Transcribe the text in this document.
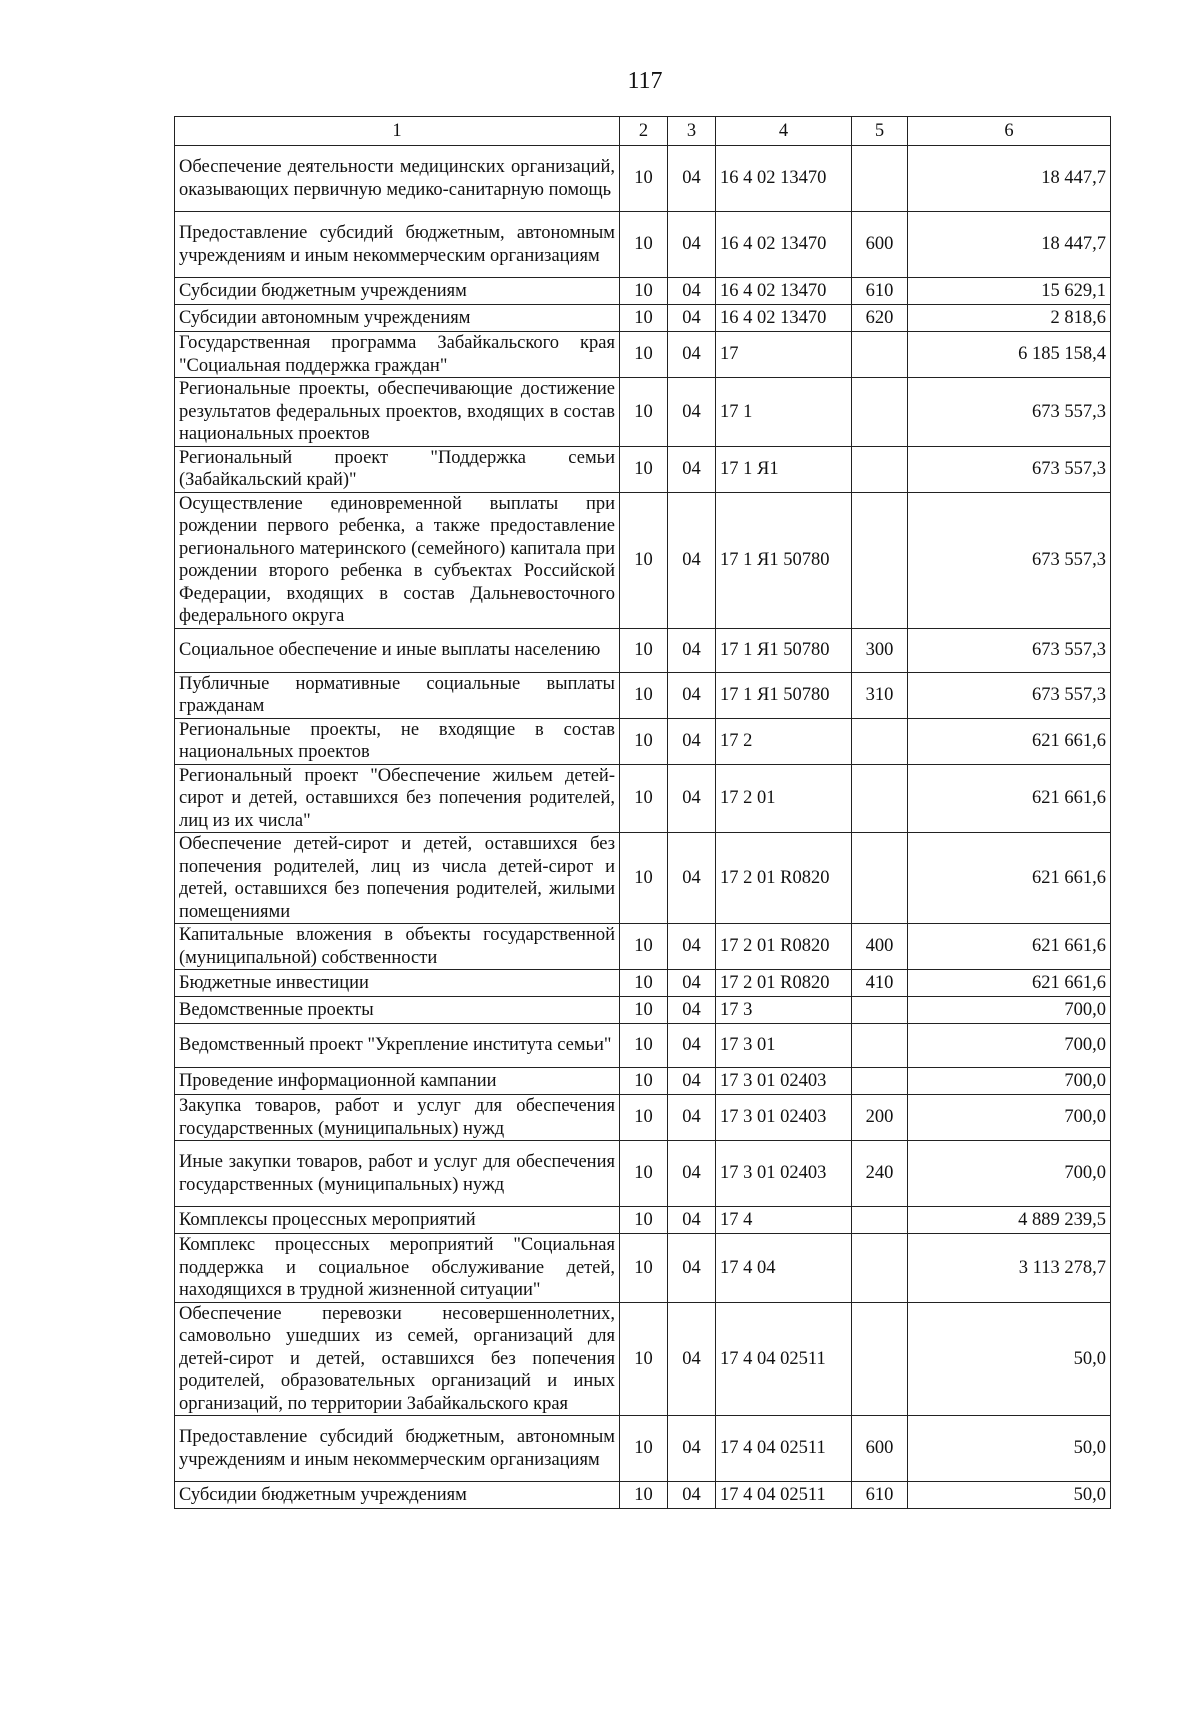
117
1	2	3	4	5	6
Обеспечение деятельности медицинских организаций, оказывающих первичную медико-санитарную помощь	10	04	16 4 02 13470		18 447,7
Предоставление субсидий бюджетным, автономным учреждениям и иным некоммерческим организациям	10	04	16 4 02 13470	600	18 447,7
Субсидии бюджетным учреждениям	10	04	16 4 02 13470	610	15 629,1
Субсидии автономным учреждениям	10	04	16 4 02 13470	620	2 818,6
Государственная программа Забайкальского края "Социальная поддержка граждан"	10	04	17		6 185 158,4
Региональные проекты, обеспечивающие достижение результатов федеральных проектов, входящих в состав национальных проектов	10	04	17 1		673 557,3
Региональный проект "Поддержка семьи (Забайкальский край)"	10	04	17 1 Я1		673 557,3
Осуществление единовременной выплаты при рождении первого ребенка, а также предоставление регионального материнского (семейного) капитала при рождении второго ребенка в субъектах Российской Федерации, входящих в состав Дальневосточного федерального округа	10	04	17 1 Я1 50780		673 557,3
Социальное обеспечение и иные выплаты населению	10	04	17 1 Я1 50780	300	673 557,3
Публичные нормативные социальные выплаты гражданам	10	04	17 1 Я1 50780	310	673 557,3
Региональные проекты, не входящие в состав национальных проектов	10	04	17 2		621 661,6
Региональный проект "Обеспечение жильем детей-сирот и детей, оставшихся без попечения родителей, лиц из их числа"	10	04	17 2 01		621 661,6
Обеспечение детей-сирот и детей, оставшихся без попечения родителей, лиц из числа детей-сирот и детей, оставшихся без попечения родителей, жилыми помещениями	10	04	17 2 01 R0820		621 661,6
Капитальные вложения в объекты государственной (муниципальной) собственности	10	04	17 2 01 R0820	400	621 661,6
Бюджетные инвестиции	10	04	17 2 01 R0820	410	621 661,6
Ведомственные проекты	10	04	17 3		700,0
Ведомственный проект "Укрепление института семьи"	10	04	17 3 01		700,0
Проведение информационной кампании	10	04	17 3 01 02403		700,0
Закупка товаров, работ и услуг для обеспечения государственных (муниципальных) нужд	10	04	17 3 01 02403	200	700,0
Иные закупки товаров, работ и услуг для обеспечения государственных (муниципальных) нужд	10	04	17 3 01 02403	240	700,0
Комплексы процессных мероприятий	10	04	17 4		4 889 239,5
Комплекс процессных мероприятий "Социальная поддержка и социальное обслуживание детей, находящихся в трудной жизненной ситуации"	10	04	17 4 04		3 113 278,7
Обеспечение перевозки несовершеннолетних, самовольно ушедших из семей, организаций для детей-сирот и детей, оставшихся без попечения родителей, образовательных организаций и иных организаций, по территории Забайкальского края	10	04	17 4 04 02511		50,0
Предоставление субсидий бюджетным, автономным учреждениям и иным некоммерческим организациям	10	04	17 4 04 02511	600	50,0
Субсидии бюджетным учреждениям	10	04	17 4 04 02511	610	50,0
